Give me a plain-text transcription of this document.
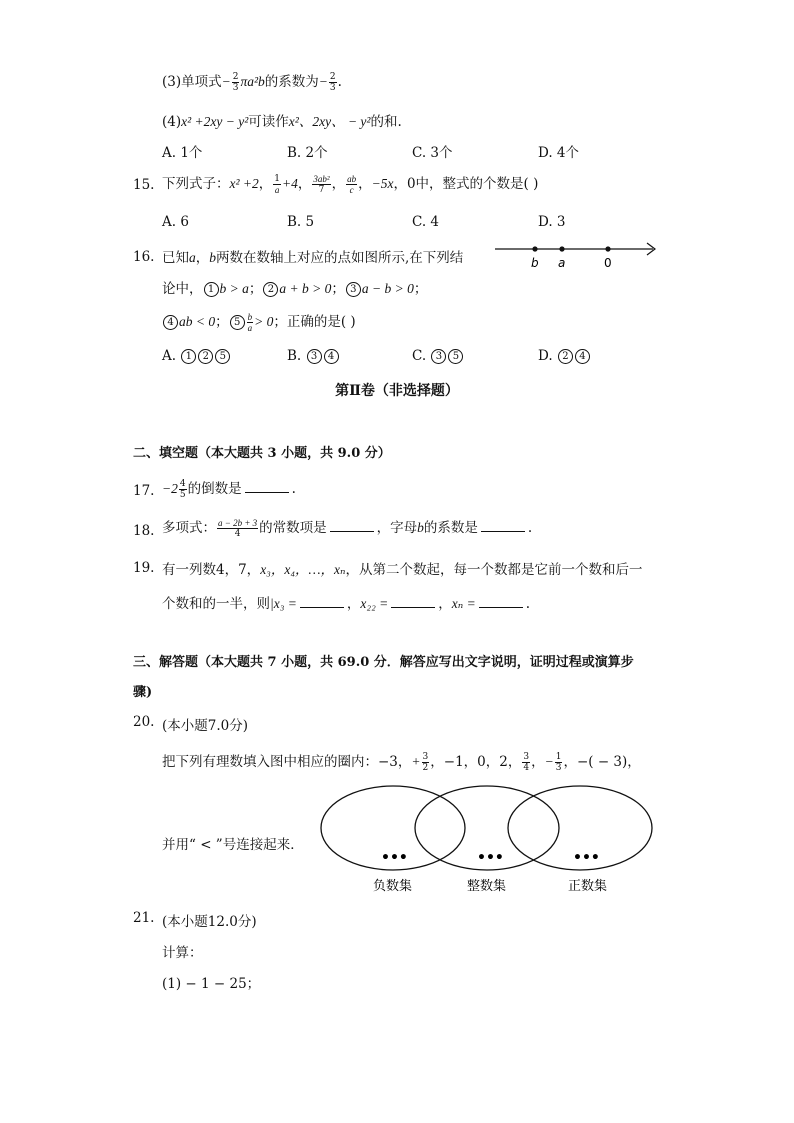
(3)单项式− $\frac{2}{3} \pi a^2b$的系数为− $\frac{2}{3}$ .
(4)x² +2xy − y²可读作x²、2xy、 − y²的和.
A. 1个	B. 2个	C. 3个	D. 4个
15. 下列式子：x² +2， $\frac{1}{a} +4$， $\frac{\text{3ab²}}{7}$ ， $\frac{ab}{c}$ ，−5x，0中，整式的个数是( )
A. 6	B. 5	C. 4	D. 3
16. 已知a，b两数在数轴上对应的点如图所示,在下列结	b a	0
论中， 1 b > a； 2 a + b > 0； 3 a − b > 0；
4 ab < 0； $5 \frac{b}{a} > 0$；正确的是( )
A. 1 2 5	B. 3 4	C. 3 5	D. 2 4
第Ⅱ卷（非选择题）
二、填空题（本大题共 3 小题，共 9.0 分）
17. $-2 \frac{4}{5}$ 的倒数是	.
18. 多项式： $\frac{a - 2b + 3}{4}$ 的常数项是	，字母b的系数是	.
19. 有一列数4，7，x₃，x₄，…，xₙ，从第二个数起，每一个数都是它前一个数和后一
个数和的一半，则|x₃ =	，x₂₂ =	，xₙ =	.
三、解答题（本大题共 7 小题，共 69.0 分．解答应写出文字说明，证明过程或演算步
骤)
20. (本小题7.0分)
把下列有理数填入图中相应的圈内：−3，+ $\frac{3}{2}$ ，−1，0，2， $\frac{3}{4}$ ，− $\frac{1}{3}$ ，−( − 3)，
并用“ < ”号连接起来．
•••	•••	•••
负数集	整数集	正数集
21. (本小题12.0分)
计算：
(1) − 1 − 25；
